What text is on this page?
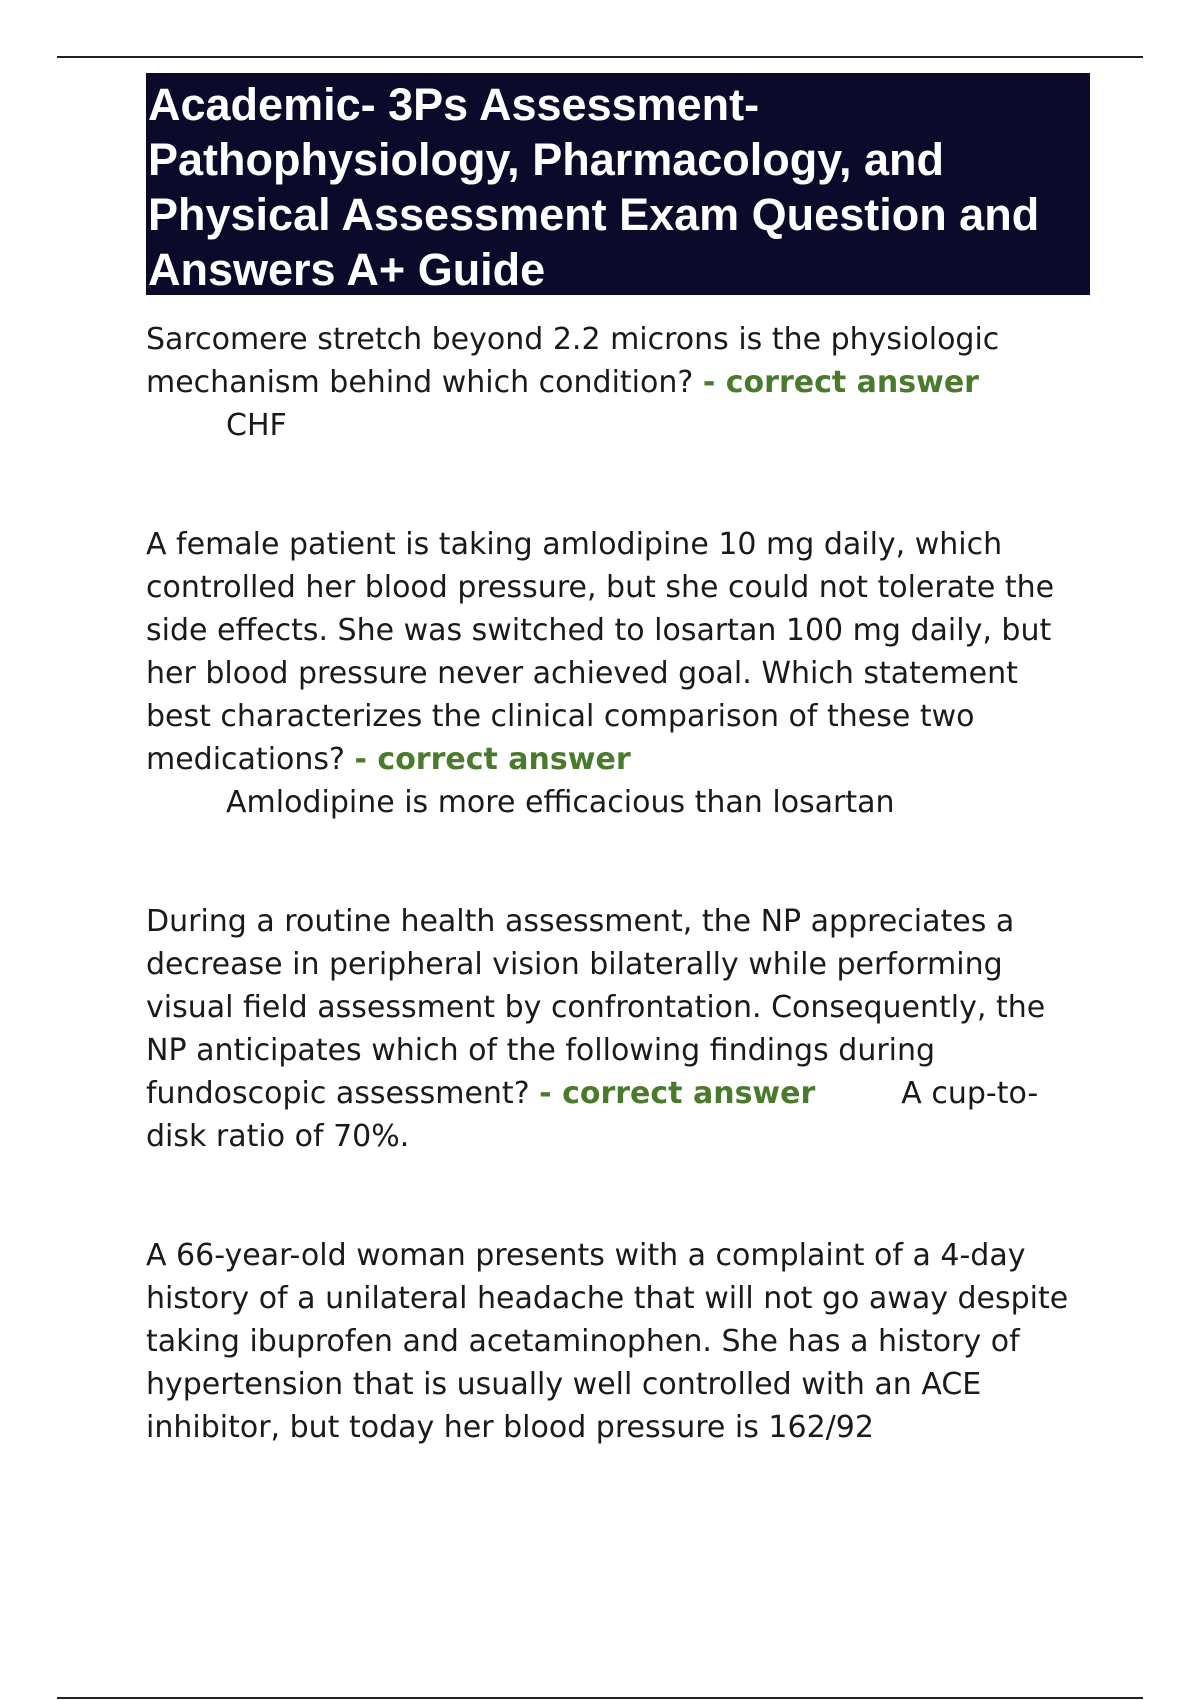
Academic- 3Ps Assessment- Pathophysiology, Pharmacology, and Physical Assessment Exam Question and Answers A+ Guide

Sarcomere stretch beyond 2.2 microns is the physiologic mechanism behind which condition? - correct answer
CHF

A female patient is taking amlodipine 10 mg daily, which controlled her blood pressure, but she could not tolerate the side effects. She was switched to losartan 100 mg daily, but her blood pressure never achieved goal. Which statement best characterizes the clinical comparison of these two medications? - correct answer
Amlodipine is more efficacious than losartan

During a routine health assessment, the NP appreciates a decrease in peripheral vision bilaterally while performing visual field assessment by confrontation. Consequently, the NP anticipates which of the following findings during fundoscopic assessment? - correct answer	A cup-to-disk ratio of 70%.

A 66-year-old woman presents with a complaint of a 4-day history of a unilateral headache that will not go away despite taking ibuprofen and acetaminophen. She has a history of hypertension that is usually well controlled with an ACE inhibitor, but today her blood pressure is 162/92
